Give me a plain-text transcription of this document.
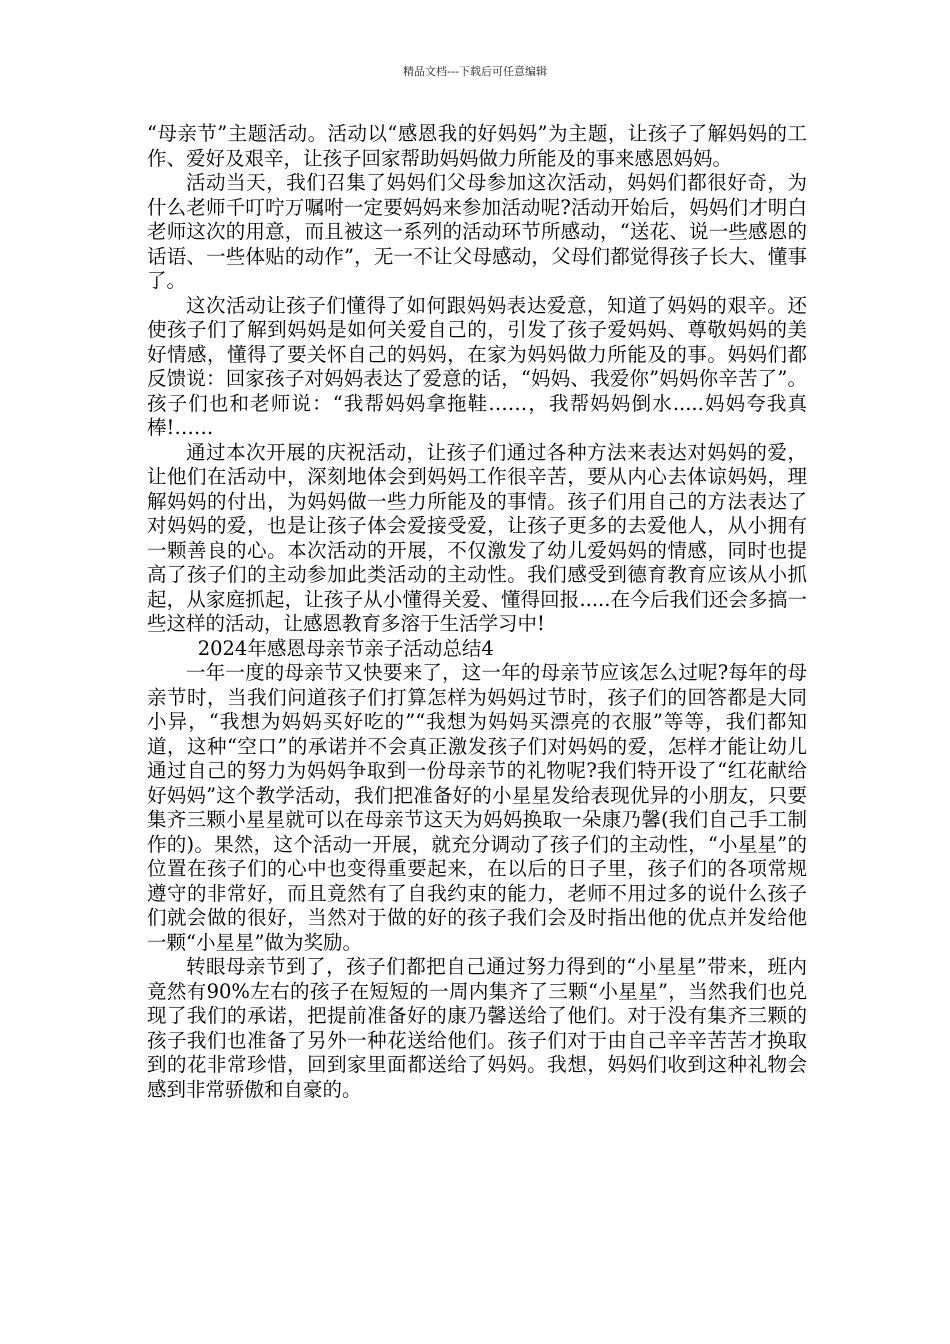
精品文档---下载后可任意编辑

“母亲节”主题活动。活动以“感恩我的好妈妈”为主题，让孩子了解妈妈的工作、爱好及艰辛，让孩子回家帮助妈妈做力所能及的事来感恩妈妈。

活动当天，我们召集了妈妈们父母参加这次活动，妈妈们都很好奇，为什么老师千叮咛万嘱咐一定要妈妈来参加活动呢?活动开始后，妈妈们才明白老师这次的用意，而且被这一系列的活动环节所感动，“送花、说一些感恩的话语、一些体贴的动作”，无一不让父母感动，父母们都觉得孩子长大、懂事了。

这次活动让孩子们懂得了如何跟妈妈表达爱意，知道了妈妈的艰辛。还使孩子们了解到妈妈是如何关爱自己的，引发了孩子爱妈妈、尊敬妈妈的美好情感，懂得了要关怀自己的妈妈，在家为妈妈做力所能及的事。妈妈们都反馈说：回家孩子对妈妈表达了爱意的话，“妈妈、我爱你”妈妈你辛苦了”。孩子们也和老师说：“我帮妈妈拿拖鞋……，我帮妈妈倒水.....妈妈夸我真棒!……

通过本次开展的庆祝活动，让孩子们通过各种方法来表达对妈妈的爱，让他们在活动中，深刻地体会到妈妈工作很辛苦，要从内心去体谅妈妈，理解妈妈的付出，为妈妈做一些力所能及的事情。孩子们用自己的方法表达了对妈妈的爱，也是让孩子体会爱接受爱，让孩子更多的去爱他人，从小拥有一颗善良的心。本次活动的开展，不仅激发了幼儿爱妈妈的情感，同时也提高了孩子们的主动参加此类活动的主动性。我们感受到德育教育应该从小抓起，从家庭抓起，让孩子从小懂得关爱、懂得回报.....在今后我们还会多搞一些这样的活动，让感恩教育多溶于生活学习中!

2024年感恩母亲节亲子活动总结4

一年一度的母亲节又快要来了，这一年的母亲节应该怎么过呢?每年的母亲节时，当我们问道孩子们打算怎样为妈妈过节时，孩子们的回答都是大同小异，“我想为妈妈买好吃的”“我想为妈妈买漂亮的衣服”等等，我们都知道，这种“空口”的承诺并不会真正激发孩子们对妈妈的爱，怎样才能让幼儿通过自己的努力为妈妈争取到一份母亲节的礼物呢?我们特开设了“红花献给好妈妈”这个教学活动，我们把准备好的小星星发给表现优异的小朋友，只要集齐三颗小星星就可以在母亲节这天为妈妈换取一朵康乃馨(我们自己手工制作的)。果然，这个活动一开展，就充分调动了孩子们的主动性，“小星星”的位置在孩子们的心中也变得重要起来，在以后的日子里，孩子们的各项常规遵守的非常好，而且竟然有了自我约束的能力，老师不用过多的说什么孩子们就会做的很好，当然对于做的好的孩子我们会及时指出他的优点并发给他一颗“小星星”做为奖励。

转眼母亲节到了，孩子们都把自己通过努力得到的“小星星”带来，班内竟然有90%左右的孩子在短短的一周内集齐了三颗“小星星”，当然我们也兑现了我们的承诺，把提前准备好的康乃馨送给了他们。对于没有集齐三颗的孩子我们也准备了另外一种花送给他们。孩子们对于由自己辛辛苦苦才换取到的花非常珍惜，回到家里面都送给了妈妈。我想，妈妈们收到这种礼物会感到非常骄傲和自豪的。
